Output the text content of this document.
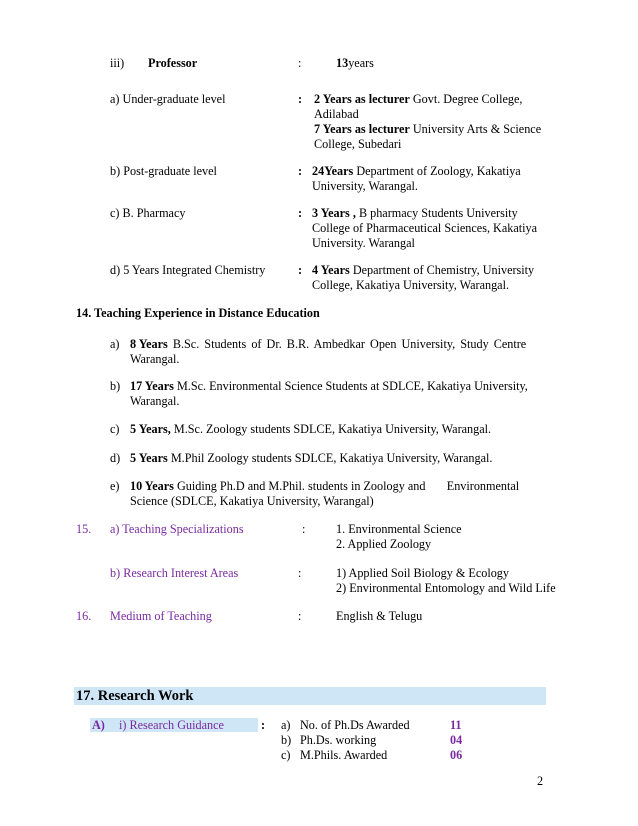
iii) Professor	:	13years
a) Under-graduate level	: 2 Years as lecturer Govt. Degree College,
Adilabad
7 Years as lecturer University Arts & Science
College, Subedari
b) Post-graduate level	: 24Years Department of Zoology, Kakatiya
University, Warangal.
c) B. Pharmacy	: 3 Years , B pharmacy Students University
College of Pharmaceutical Sciences, Kakatiya
University. Warangal
d) 5 Years Integrated Chemistry	: 4 Years Department of Chemistry, University
College, Kakatiya University, Warangal.
14. Teaching Experience in Distance Education
a) 8 Years B.Sc. Students of Dr. B.R. Ambedkar Open University, Study Centre
Warangal.
b) 17 Years M.Sc. Environmental Science Students at SDLCE, Kakatiya University,
Warangal.
c) 5 Years, M.Sc. Zoology students SDLCE, Kakatiya University, Warangal.
d) 5 Years M.Phil Zoology students SDLCE, Kakatiya University, Warangal.
e) 10 Years Guiding Ph.D and M.Phil. students in Zoology and       Environmental
Science (SDLCE, Kakatiya University, Warangal)
15. a) Teaching Specializations	:	1. Environmental Science
2. Applied Zoology
b) Research Interest Areas	:	1) Applied Soil Biology & Ecology
2) Environmental Entomology and Wild Life
16. Medium of Teaching	:	English & Telugu
17. Research Work
A) i) Research Guidance	: a) No. of Ph.Ds Awarded	11
b) Ph.Ds. working	04
c) M.Phils. Awarded	06
2
